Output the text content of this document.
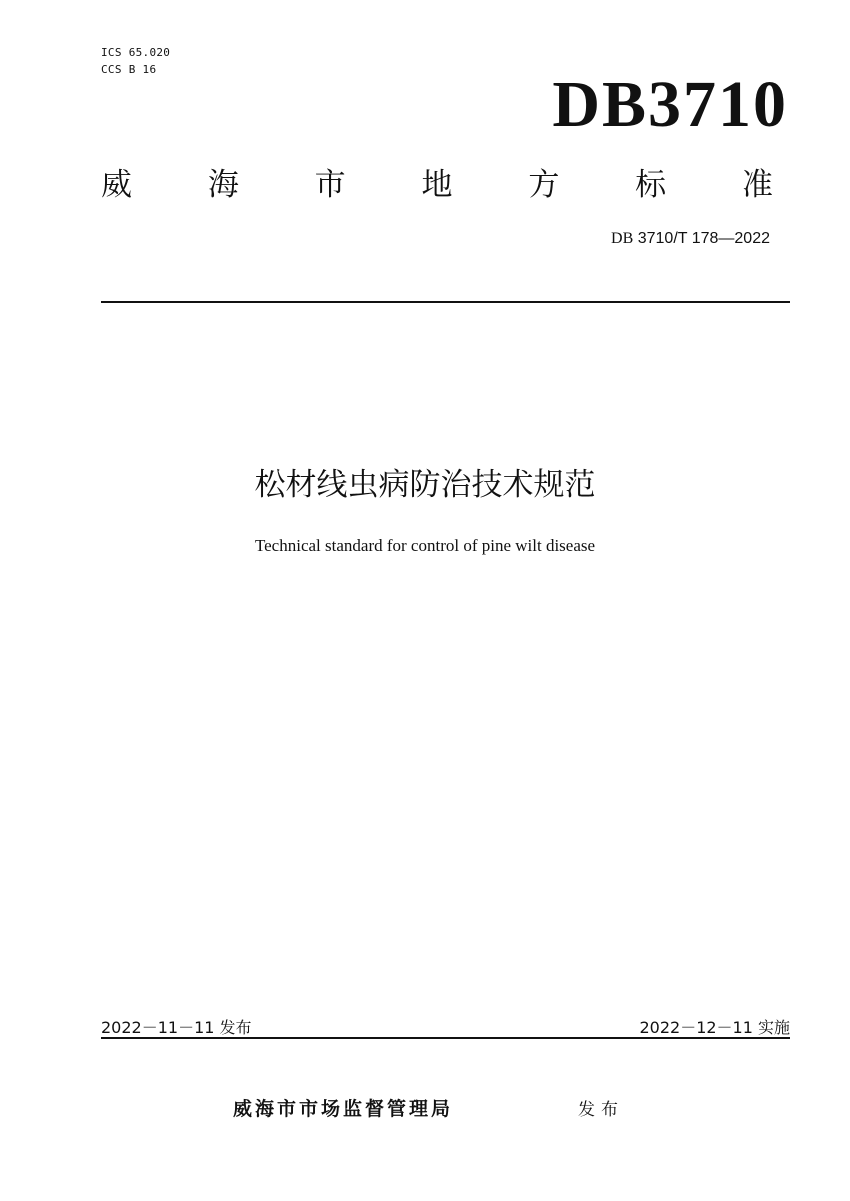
ICS 65.020
CCS B 16	DB3710
威 海 市 地 方 标 准
DB 3710/T 178—2022
松材线虫病防治技术规范
Technical standard for control of pine wilt disease
2022－11－11 发布	2022－12－11 实施
威海市市场监督管理局	发布
